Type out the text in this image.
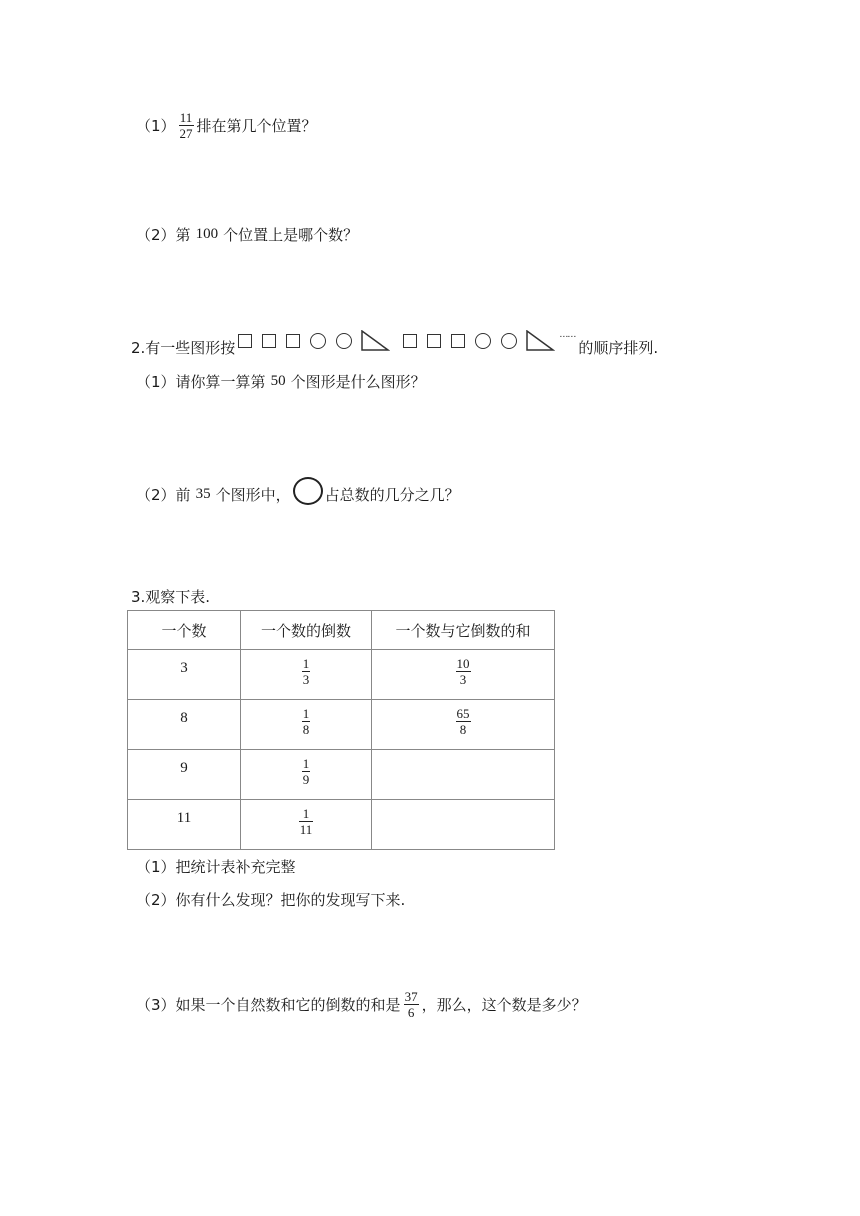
$(1) \frac{11}{27}$ 排在第几个位置？
（2） 第 100 个位置上是哪个数？
2.有一些图形按
……
的顺序排列.
（1） 请你算一算第 50 个图形是什么图形？
（2） 前 35 个图形中， 占总数的几分之几？
3.观察下表.
一个数	一个数的倒数	一个数与它倒数的和
3	$\frac{1}{3}$	$\frac{10}{3}$

8	$\frac{1}{8}$	$\frac{65}{8}$

9	$\frac{1}{9}$

11	$\frac{1}{11}$

（1）把统计表补充完整
（2）你有什么发现？把你的发现写下来.
（3） 如果一个自然数和它的倒数的和是 $\frac{37}{6}$ ，那么，这个数是多少？
